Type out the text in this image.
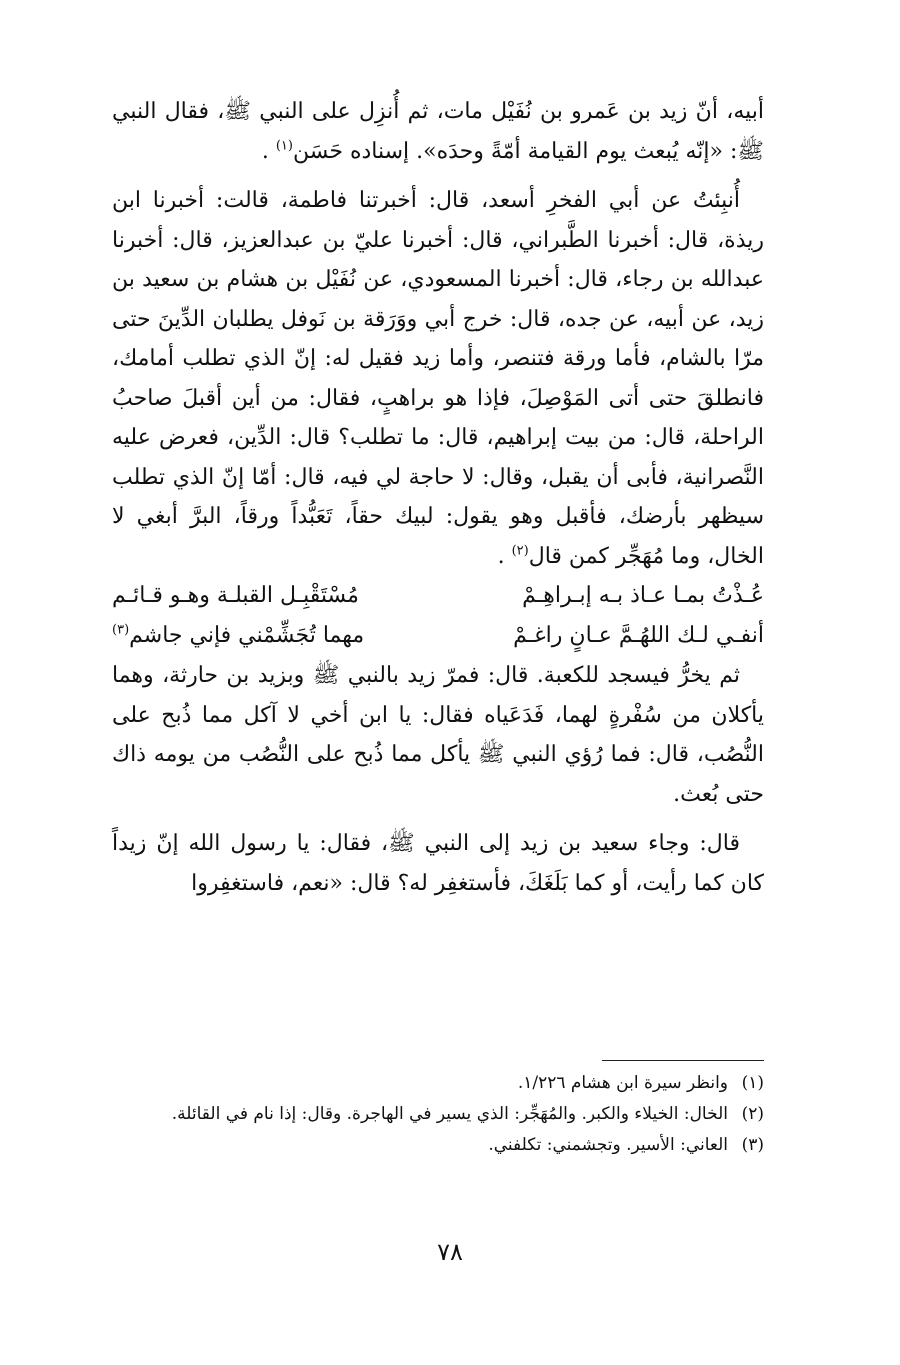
أبيه، أنّ زيد بن عَمرو بن نُفَيْل مات، ثم أُنزِل على النبي ﷺ، فقال النبي ﷺ: «إنّه يُبعث يوم القيامة أمّةً وحدَه». إسناده حَسَن$^{(١)}$ .

أُنبِئتُ عن أبي الفخرِ أسعد، قال: أخبرتنا فاطمة، قالت: أخبرنا ابن ريذة، قال: أخبرنا الطَّبراني، قال: أخبرنا عليّ بن عبدالعزيز، قال: أخبرنا عبدالله بن رجاء، قال: أخبرنا المسعودي، عن نُفَيْل بن هشام بن سعيد بن زيد، عن أبيه، عن جده، قال: خرج أبي ووَرَقة بن نَوفل يطلبان الدِّينَ حتى مرّا بالشام، فأما ورقة فتنصر، وأما زيد فقيل له: إنّ الذي تطلب أمامك، فانطلقَ حتى أتى المَوْصِلَ، فإذا هو براهبٍ، فقال: من أين أقبلَ صاحبُ الراحلة، قال: من بيت إبراهيم، قال: ما تطلب؟ قال: الدِّين، فعرض عليه النَّصرانية، فأبى أن يقبل، وقال: لا حاجة لي فيه، قال: أمّا إنّ الذي تطلب سيظهر بأرضك، فأقبل وهو يقول: لبيك حقاً، تَعَبُّداً ورقاً، البرَّ أبغي لا الخال، وما مُهَجِّر كمن قال$^{(٢)}$ .

عُـذْتُ بمـا عـاذ بـه إبـراهِـمْ
مُسْتَقْبِـل القبلـة وهـو قـائـم
أنفـي لـك اللهُـمَّ عـانٍ راغـمْ
مهما تُجَشِّمْني فإني جاشم$^{(٣)}$

ثم يخرُّ فيسجد للكعبة. قال: فمرّ زيد بالنبي ﷺ وبزيد بن حارثة، وهما يأكلان من سُفْرةٍ لهما، فَدَعَياه فقال: يا ابن أخي لا آكل مما ذُبح على النُّصُب، قال: فما رُؤي النبي ﷺ يأكل مما ذُبح على النُّصُب من يومه ذاك حتى بُعث.

قال: وجاء سعيد بن زيد إلى النبي ﷺ، فقال: يا رسول الله إنّ زيداً كان كما رأيت، أو كما بَلَغَكَ، فأستغفِر له؟ قال: «نعم، فاستغفِروا

(١)
وانظر سيرة ابن هشام ١/٢٢٦.
(٢)
الخال: الخيلاء والكبر. والمُهَجِّر: الذي يسير في الهاجرة. وقال: إذا نام في القائلة.
(٣)
العاني: الأسير. وتجشمني: تكلفني.
٧٨
